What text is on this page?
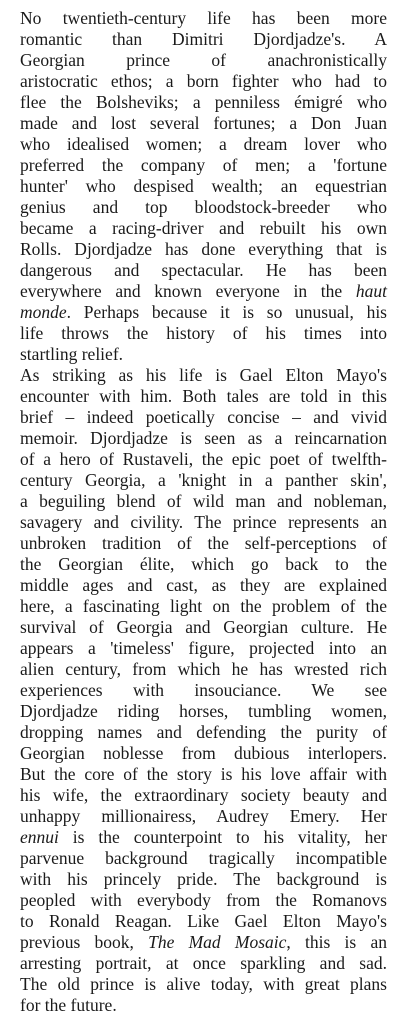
No twentieth-century life has been more
romantic than Dimitri Djordjadze's. A
Georgian prince of anachronistically
aristocratic ethos; a born fighter who had to
flee the Bolsheviks; a penniless émigré who
made and lost several fortunes; a Don Juan
who idealised women; a dream lover who
preferred the company of men; a 'fortune
hunter' who despised wealth; an equestrian
genius and top bloodstock-breeder who
became a racing-driver and rebuilt his own
Rolls. Djordjadze has done everything that is
dangerous and spectacular. He has been
everywhere and known everyone in the haut
monde. Perhaps because it is so unusual, his
life throws the history of his times into
startling relief.
As striking as his life is Gael Elton Mayo's
encounter with him. Both tales are told in this
brief – indeed poetically concise – and vivid
memoir. Djordjadze is seen as a reincarnation
of a hero of Rustaveli, the epic poet of twelfth-
century Georgia, a 'knight in a panther skin',
a beguiling blend of wild man and nobleman,
savagery and civility. The prince represents an
unbroken tradition of the self-perceptions of
the Georgian élite, which go back to the
middle ages and cast, as they are explained
here, a fascinating light on the problem of the
survival of Georgia and Georgian culture. He
appears a 'timeless' figure, projected into an
alien century, from which he has wrested rich
experiences with insouciance. We see
Djordjadze riding horses, tumbling women,
dropping names and defending the purity of
Georgian noblesse from dubious interlopers.
But the core of the story is his love affair with
his wife, the extraordinary society beauty and
unhappy millionairess, Audrey Emery. Her
ennui is the counterpoint to his vitality, her
parvenue background tragically incompatible
with his princely pride. The background is
peopled with everybody from the Romanovs
to Ronald Reagan. Like Gael Elton Mayo's
previous book, The Mad Mosaic, this is an
arresting portrait, at once sparkling and sad.
The old prince is alive today, with great plans
for the future.
